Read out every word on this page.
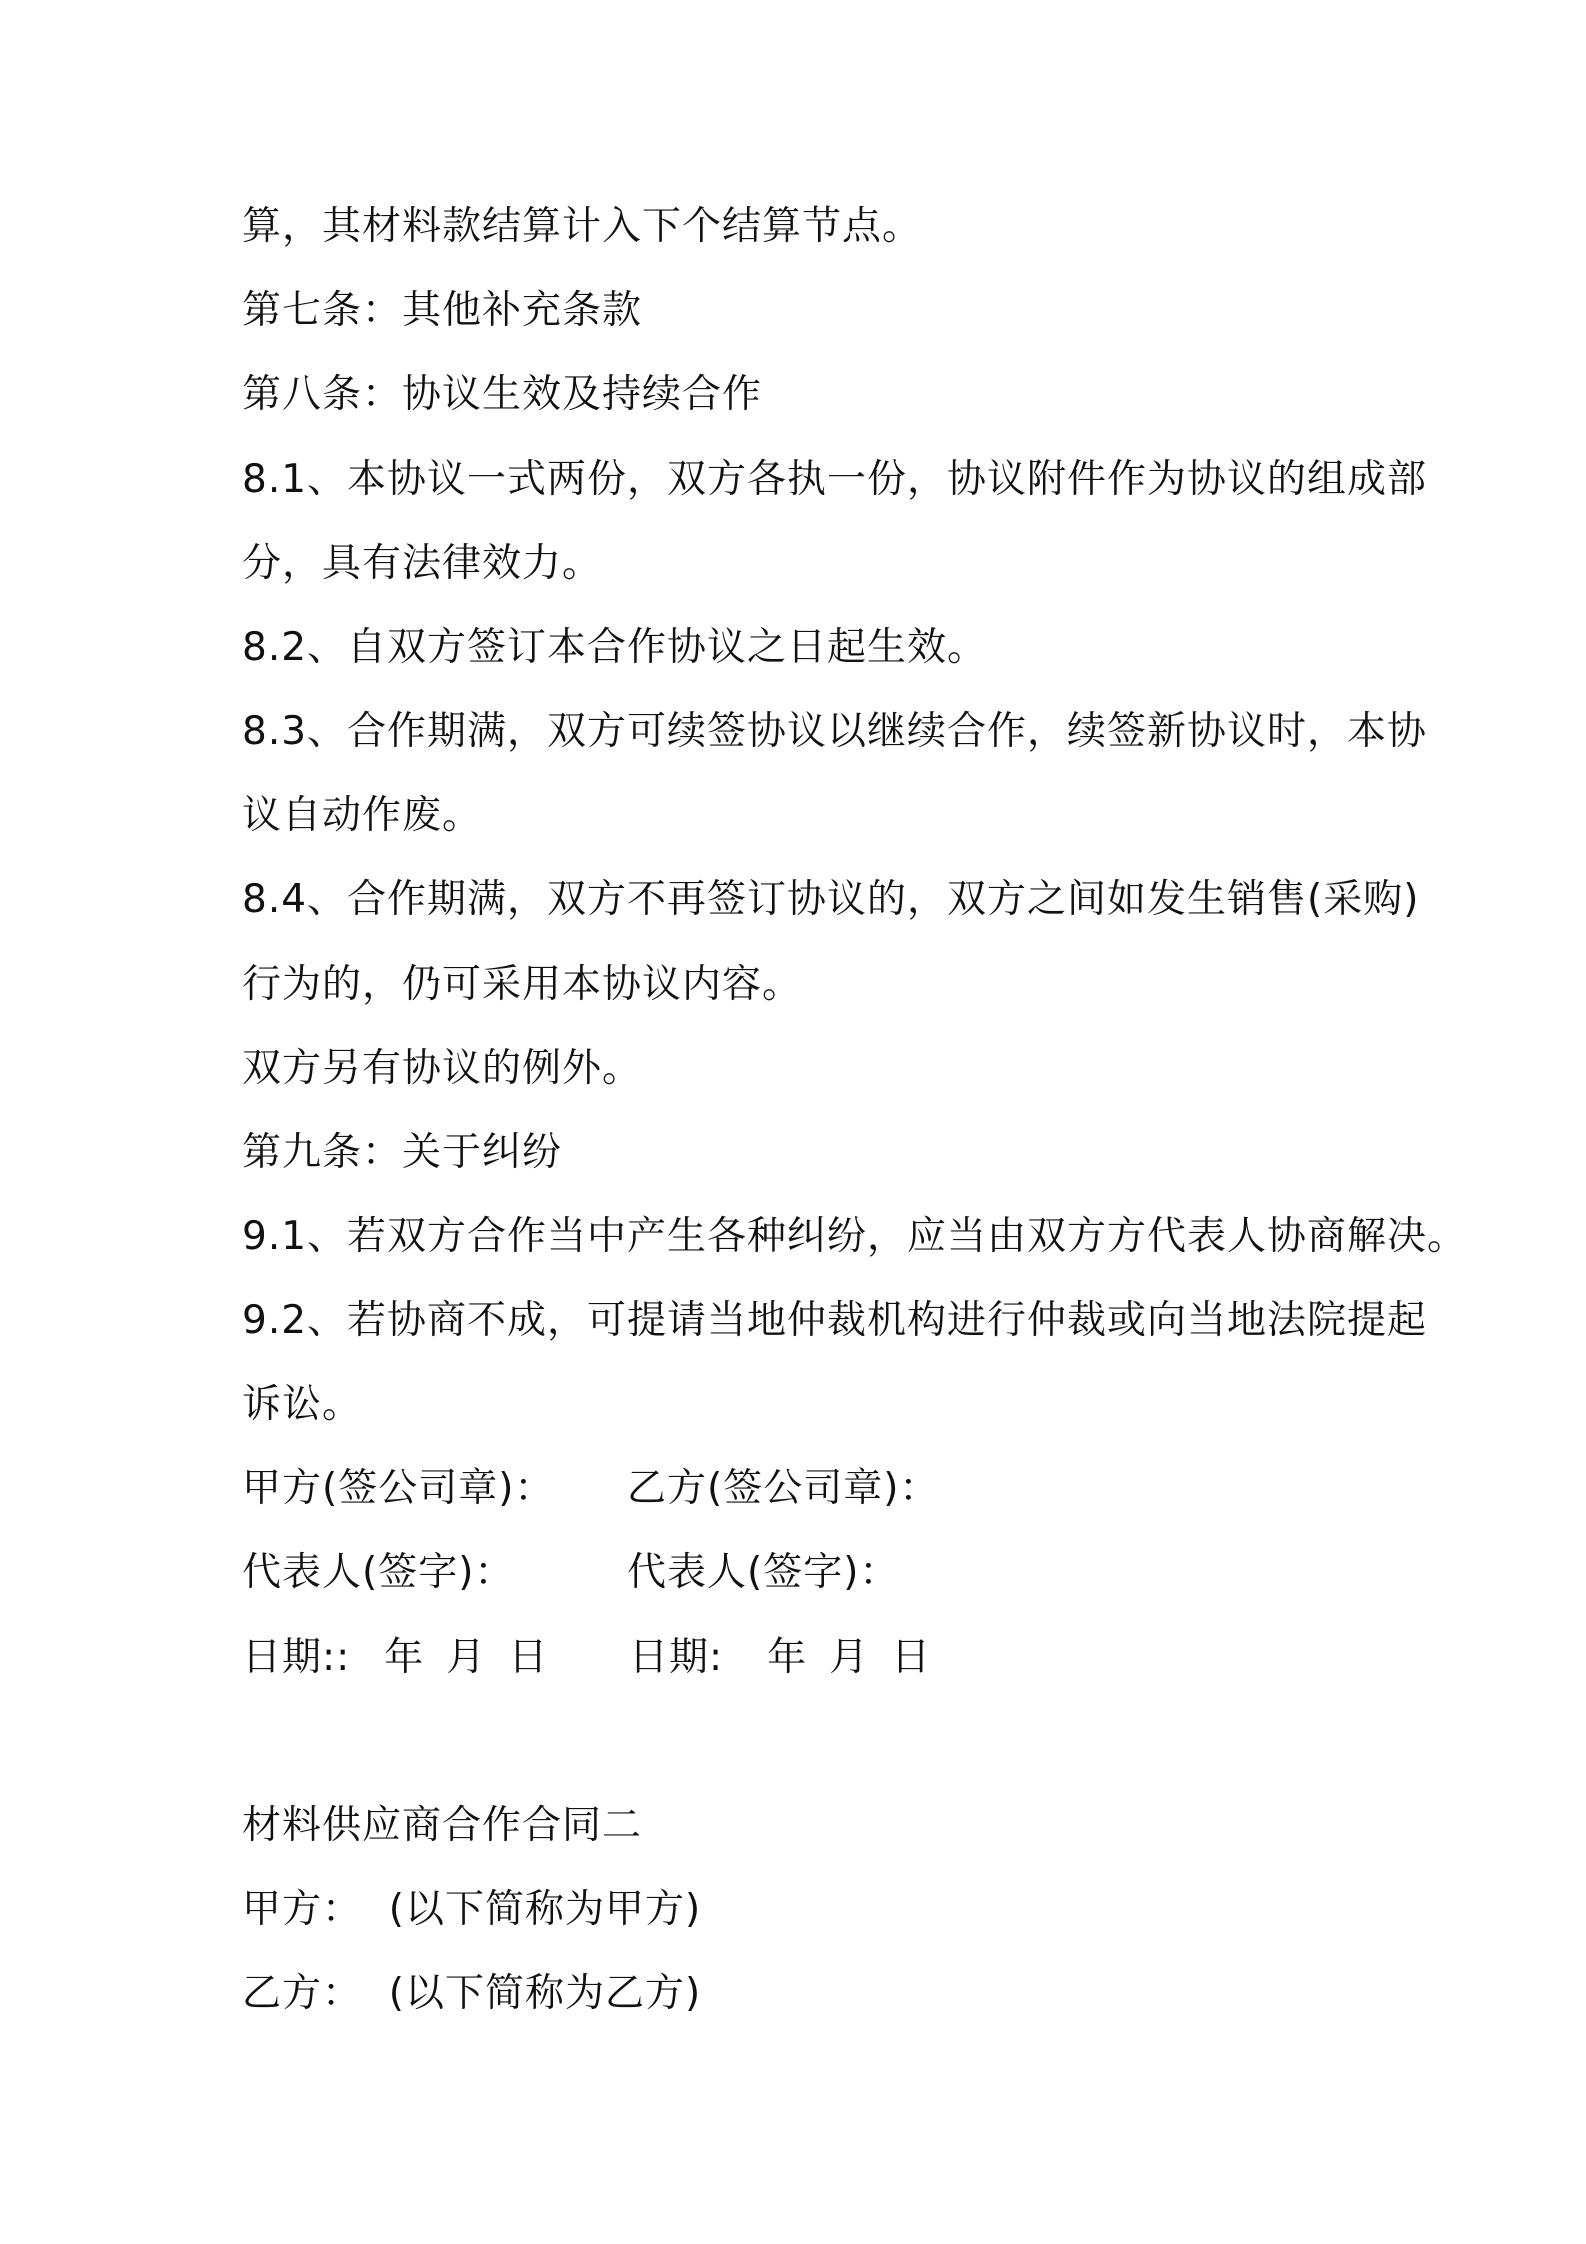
算，其材料款结算计入下个结算节点。
第七条：其他补充条款
第八条：协议生效及持续合作
8.1、本协议一式两份，双方各执一份，协议附件作为协议的组成部
分，具有法律效力。
8.2、自双方签订本合作协议之日起生效。
8.3、合作期满，双方可续签协议以继续合作，续签新协议时，本协
议自动作废。
8.4、合作期满，双方不再签订协议的，双方之间如发生销售(采购)
行为的，仍可采用本协议内容。
双方另有协议的例外。
第九条：关于纠纷
9.1、若双方合作当中产生各种纠纷，应当由双方方代表人协商解决。
9.2、若协商不成，可提请当地仲裁机构进行仲裁或向当地法院提起
诉讼。
甲方(签公司章)： 乙方(签公司章)：
代表人(签字)：	代表人(签字)：
日期:: 年 月 日 日期: 年 月 日
材料供应商合作合同二
甲方：  (以下简称为甲方)
乙方：  (以下简称为乙方)
